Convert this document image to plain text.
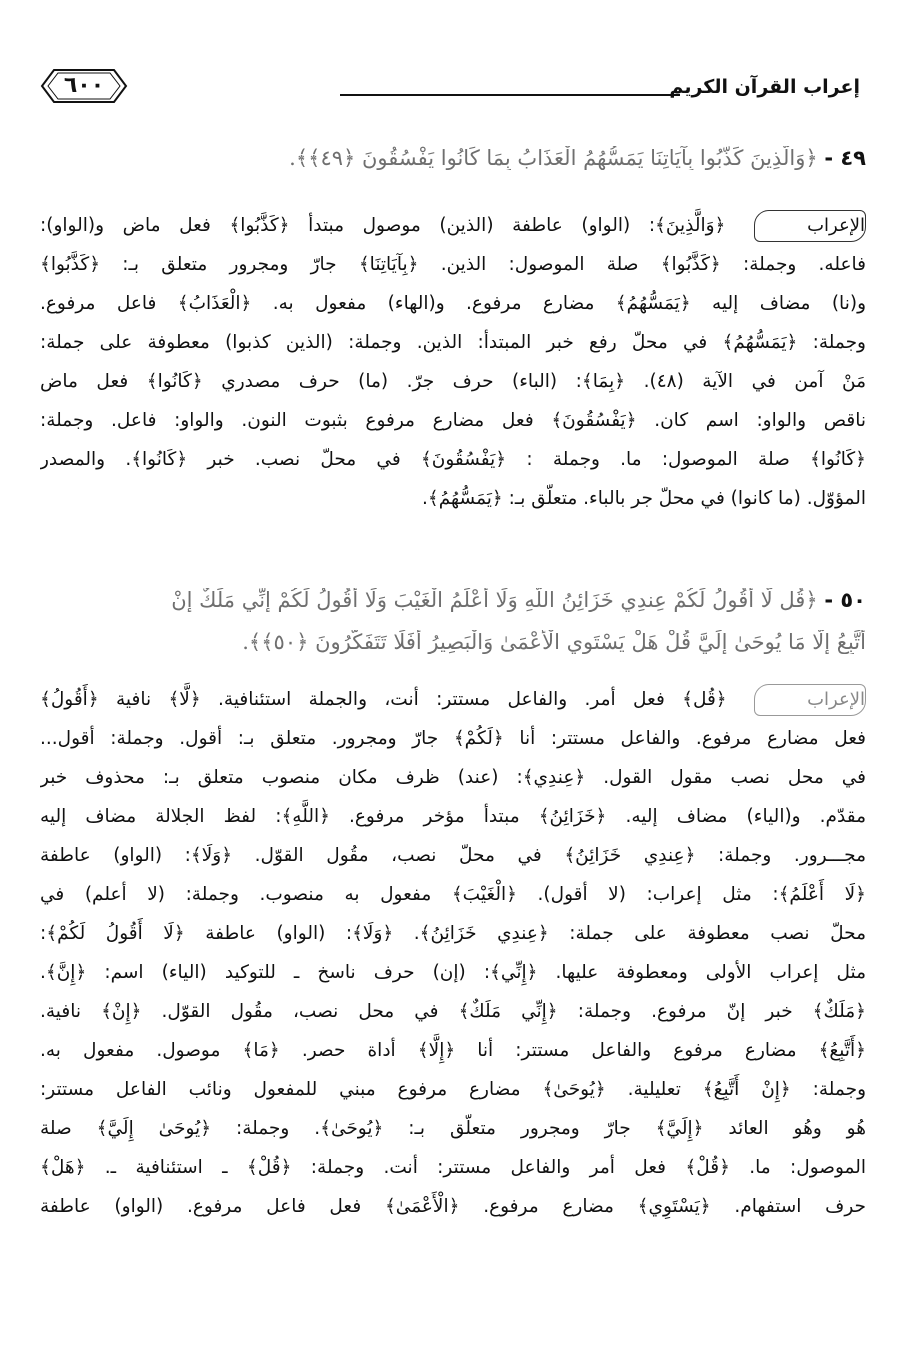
٦٠٠	إعراب القرآن الكريم
٤٩ - ﴿وَالَّذِينَ كَذَّبُوا بِآيَاتِنَا يَمَسُّهُمُ الْعَذَابُ بِمَا كَانُوا يَفْسُقُونَ ﴿٤٩﴾﴾.
الإعراب ﴿وَالَّذِينَ﴾: (الواو) عاطفة (الذين) موصول مبتدأ ﴿كَذَّبُوا﴾ فعل ماض و(الواو):
فاعله. وجملة: ﴿كَذَّبُوا﴾ صلة الموصول: الذين. ﴿بِآيَاتِنَا﴾ جارّ ومجرور متعلق بـ: ﴿كَذَّبُوا﴾
و(نا) مضاف إليه ﴿يَمَسُّهُمُ﴾ مضارع مرفوع. و(الهاء) مفعول به. ﴿الْعَذَابُ﴾ فاعل مرفوع.
وجملة: ﴿يَمَسُّهُمُ﴾ في محلّ رفع خبر المبتدأ: الذين. وجملة: (الذين كذبوا) معطوفة على جملة:
مَنْ آمن في الآية (٤٨). ﴿بِمَا﴾: (الباء) حرف جرّ. (ما) حرف مصدري ﴿كَانُوا﴾ فعل ماض
ناقص والواو: اسم كان. ﴿يَفْسُقُونَ﴾ فعل مضارع مرفوع بثبوت النون. والواو: فاعل. وجملة:
﴿كَانُوا﴾ صلة الموصول: ما. وجملة : ﴿يَفْسُقُونَ﴾ في محلّ نصب. خبر ﴿كَانُوا﴾. والمصدر
المؤوّل. (ما كانوا) في محلّ جر بالباء. متعلّق بـ: ﴿يَمَسُّهُمُ﴾.
٥٠ - ﴿قُل لَّا أَقُولُ لَكُمْ عِندِي خَزَائِنُ اللَّهِ وَلَا أَعْلَمُ الْغَيْبَ وَلَا أَقُولُ لَكُمْ إِنِّي مَلَكٌ إِنْ
أَتَّبِعُ إِلَّا مَا يُوحَىٰ إِلَيَّ قُلْ هَلْ يَسْتَوِي الْأَعْمَىٰ وَالْبَصِيرُ أَفَلَا تَتَفَكَّرُونَ ﴿٥٠﴾﴾.
الإعراب ﴿قُل﴾ فعل أمر. والفاعل مستتر: أنت، والجملة استئنافية. ﴿لَّا﴾ نافية ﴿أَقُولُ﴾
فعل مضارع مرفوع. والفاعل مستتر: أنا ﴿لَكُمْ﴾ جارّ ومجرور. متعلق بـ: أقول. وجملة: أقول...
في محل نصب مقول القول. ﴿عِندِي﴾: (عند) ظرف مكان منصوب متعلق بـ: محذوف خبر
مقدّم. و(الياء) مضاف إليه. ﴿خَزَائِنُ﴾ مبتدأ مؤخر مرفوع. ﴿اللَّهِ﴾: لفظ الجلالة مضاف إليه
مجـــرور. وجملة: ﴿عِندِي خَزَائِنُ﴾ في محلّ نصب، مقُول القوّل. ﴿وَلَا﴾: (الواو) عاطفة
﴿لَا أَعْلَمُ﴾: مثل إعراب: (لا أقول). ﴿الْغَيْبَ﴾ مفعول به منصوب. وجملة: (لا أعلم) في
محلّ نصب معطوفة على جملة: ﴿عِندِي خَزَائِنُ﴾. ﴿وَلَا﴾: (الواو) عاطفة ﴿لَا أَقُولُ لَكُمْ﴾:
مثل إعراب الأولى ومعطوفة عليها. ﴿إِنِّي﴾: (إن) حرف ناسخ ـ للتوكيد (الياء) اسم: ﴿إِنَّ﴾.
﴿مَلَكٌ﴾ خبر إنّ مرفوع. وجملة: ﴿إِنِّي مَلَكٌ﴾ في محل نصب، مقُول القوّل. ﴿إِنْ﴾ نافية.
﴿أَتَّبِعُ﴾ مضارع مرفوع والفاعل مستتر: أنا ﴿إِلَّا﴾ أداة حصر. ﴿مَا﴾ موصول. مفعول به.
وجملة: ﴿إِنْ أَتَّبِعُ﴾ تعليلية. ﴿يُوحَىٰ﴾ مضارع مرفوع مبني للمفعول ونائب الفاعل مستتر:
هُو وهُو العائد ﴿إِلَيَّ﴾ جارّ ومجرور متعلّق بـ: ﴿يُوحَىٰ﴾. وجملة: ﴿يُوحَىٰ إِلَيَّ﴾ صلة
الموصول: ما. ﴿قُلْ﴾ فعل أمر والفاعل مستتر: أنت. وجملة: ﴿قُلْ﴾ ـ استئنافية ـ. ﴿هَلْ﴾
حرف استفهام. ﴿يَسْتَوِي﴾ مضارع مرفوع. ﴿الْأَعْمَىٰ﴾ فعل فاعل مرفوع. (الواو) عاطفة
